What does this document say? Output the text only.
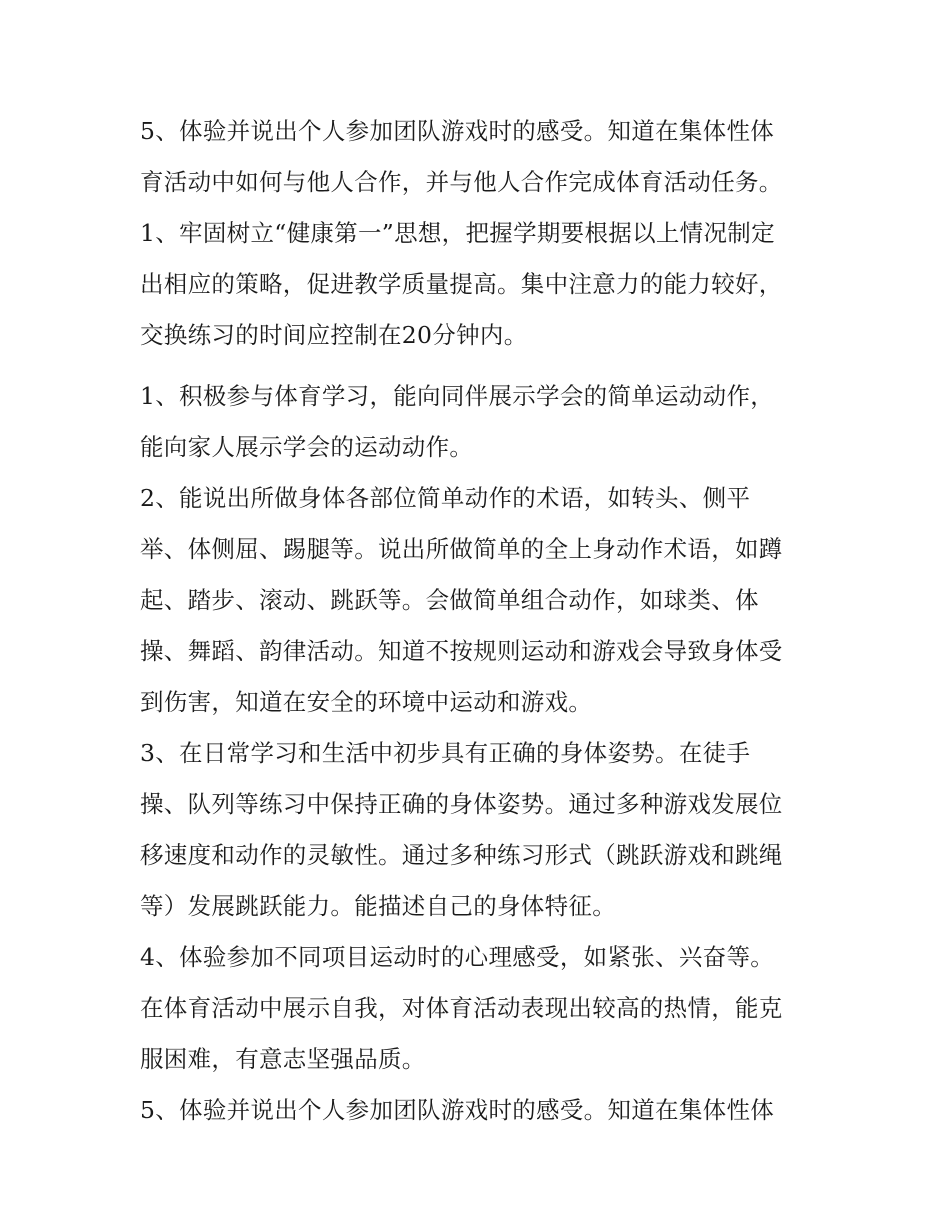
5、体验并说出个人参加团队游戏时的感受。知道在集体性体
育活动中如何与他人合作，并与他人合作完成体育活动任务。
1、牢固树立“健康第一”思想，把握学期要根据以上情况制定
出相应的策略，促进教学质量提高。集中注意力的能力较好，
交换练习的时间应控制在20分钟内。
1、积极参与体育学习，能向同伴展示学会的简单运动动作，
能向家人展示学会的运动动作。
2、能说出所做身体各部位简单动作的术语，如转头、侧平
举、体侧屈、踢腿等。说出所做简单的全上身动作术语，如蹲
起、踏步、滚动、跳跃等。会做简单组合动作，如球类、体
操、舞蹈、韵律活动。知道不按规则运动和游戏会导致身体受
到伤害，知道在安全的环境中运动和游戏。
3、在日常学习和生活中初步具有正确的身体姿势。在徒手
操、队列等练习中保持正确的身体姿势。通过多种游戏发展位
移速度和动作的灵敏性。通过多种练习形式（跳跃游戏和跳绳
等）发展跳跃能力。能描述自己的身体特征。
4、体验参加不同项目运动时的心理感受，如紧张、兴奋等。
在体育活动中展示自我，对体育活动表现出较高的热情，能克
服困难，有意志坚强品质。
5、体验并说出个人参加团队游戏时的感受。知道在集体性体
